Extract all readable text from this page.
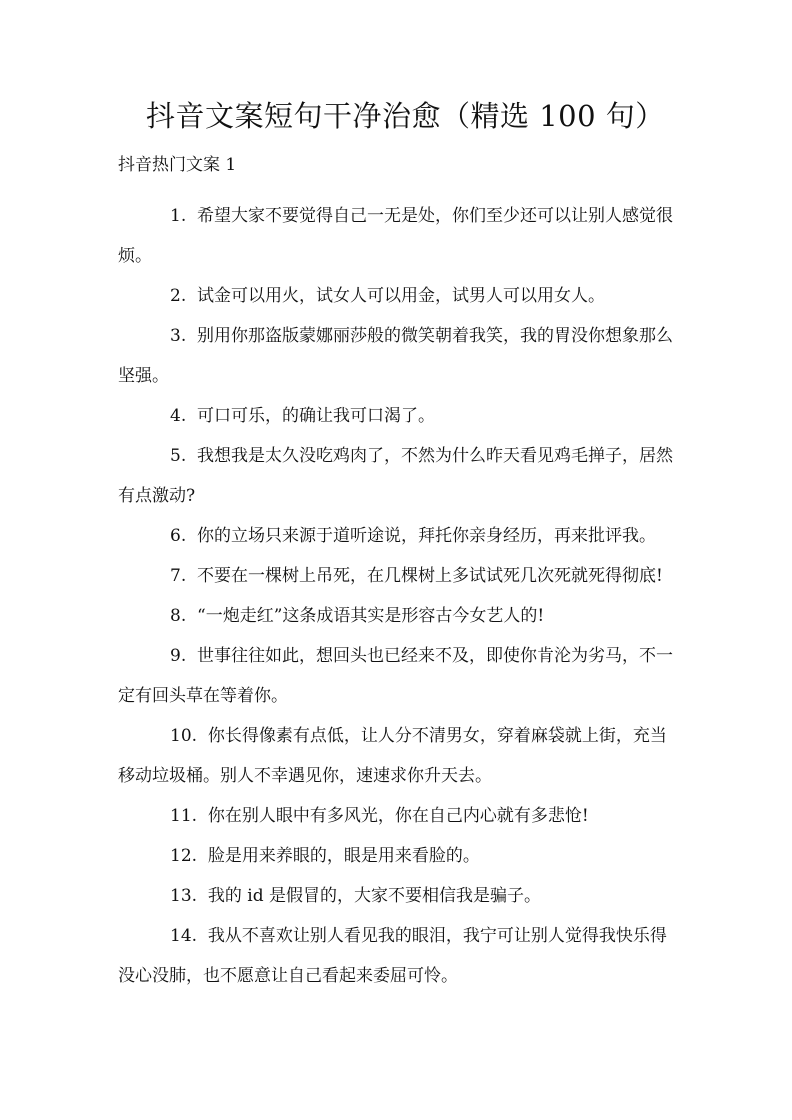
抖音文案短句干净治愈（精选 100 句）
抖音热门文案 1
1. 希望大家不要觉得自己一无是处，你们至少还可以让别人感觉很烦。
2. 试金可以用火，试女人可以用金，试男人可以用女人。
3. 别用你那盗版蒙娜丽莎般的微笑朝着我笑，我的胃没你想象那么坚强。
4. 可口可乐，的确让我可口渴了。
5. 我想我是太久没吃鸡肉了，不然为什么昨天看见鸡毛掸子，居然有点激动?
6. 你的立场只来源于道听途说，拜托你亲身经历，再来批评我。
7. 不要在一棵树上吊死，在几棵树上多试试死几次死就死得彻底!
8. “一炮走红”这条成语其实是形容古今女艺人的!
9. 世事往往如此，想回头也已经来不及，即使你肯沦为劣马，不一定有回头草在等着你。
10. 你长得像素有点低，让人分不清男女，穿着麻袋就上街，充当移动垃圾桶。别人不幸遇见你，速速求你升天去。
11. 你在别人眼中有多风光，你在自己内心就有多悲怆!
12. 脸是用来养眼的，眼是用来看脸的。
13. 我的 id 是假冒的，大家不要相信我是骗子。
14. 我从不喜欢让别人看见我的眼泪，我宁可让别人觉得我快乐得没心没肺，也不愿意让自己看起来委屈可怜。
